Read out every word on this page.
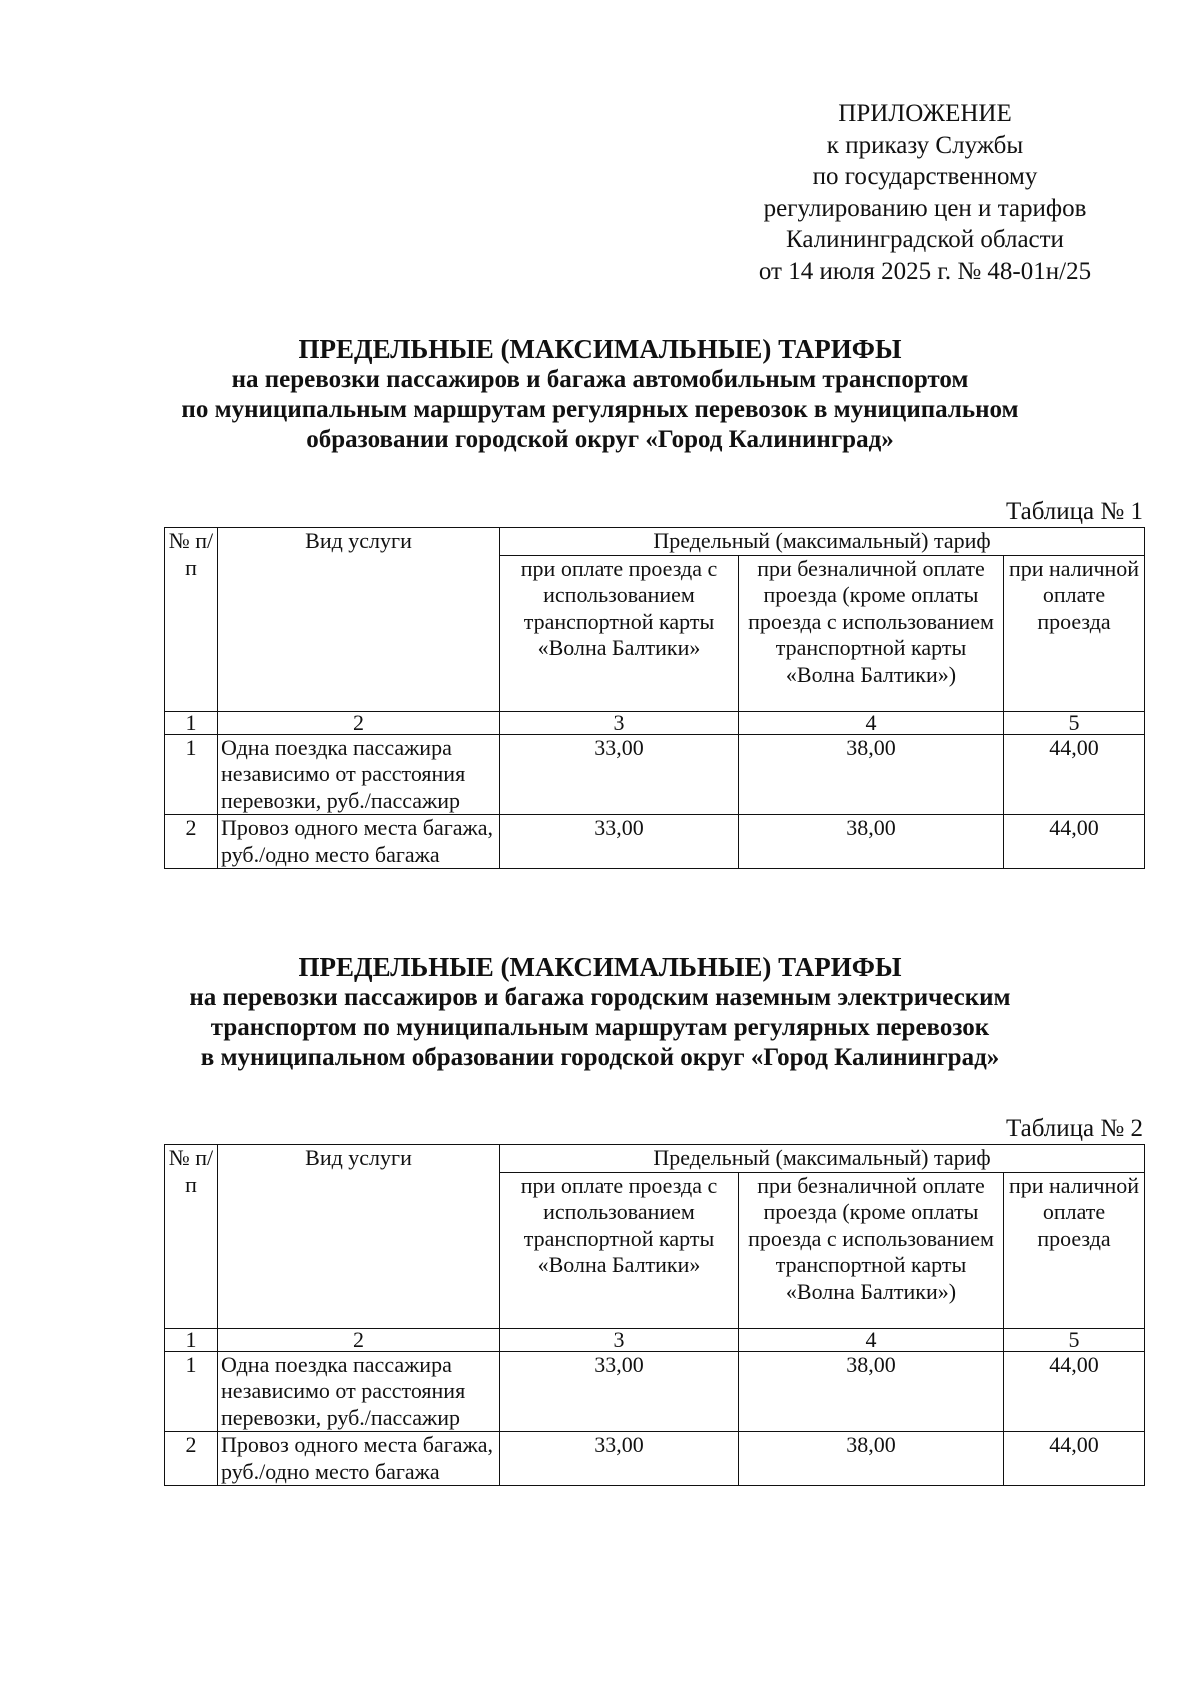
ПРИЛОЖЕНИЕ
к приказу Службы
по государственному
регулированию цен и тарифов
Калининградской области
от 14 июля 2025 г. № 48-01н/25
ПРЕДЕЛЬНЫЕ (МАКСИМАЛЬНЫЕ) ТАРИФЫ
на перевозки пассажиров и багажа автомобильным транспортом
по муниципальным маршрутам регулярных перевозок в муниципальном
образовании городской округ «Город Калининград»
Таблица № 1
№ п/п	Вид услуги	Предельный (максимальный) тариф		
		при оплате проезда с использованием транспортной карты «Волна Балтики»	при безналичной оплате проезда (кроме оплаты проезда с использованием транспортной карты «Волна Балтики»)	при наличной оплате проезда
1	2	3	4	5
1	Одна поездка пассажира независимо от расстояния перевозки, руб./пассажир	33,00	38,00	44,00
2	Провоз одного места багажа, руб./одно место багажа	33,00	38,00	44,00
ПРЕДЕЛЬНЫЕ (МАКСИМАЛЬНЫЕ) ТАРИФЫ
на перевозки пассажиров и багажа городским наземным электрическим
транспортом по муниципальным маршрутам регулярных перевозок
в муниципальном образовании городской округ «Город Калининград»
Таблица № 2
№ п/п	Вид услуги	Предельный (максимальный) тариф		
		при оплате проезда с использованием транспортной карты «Волна Балтики»	при безналичной оплате проезда (кроме оплаты проезда с использованием транспортной карты «Волна Балтики»)	при наличной оплате проезда
1	2	3	4	5
1	Одна поездка пассажира независимо от расстояния перевозки, руб./пассажир	33,00	38,00	44,00
2	Провоз одного места багажа, руб./одно место багажа	33,00	38,00	44,00
